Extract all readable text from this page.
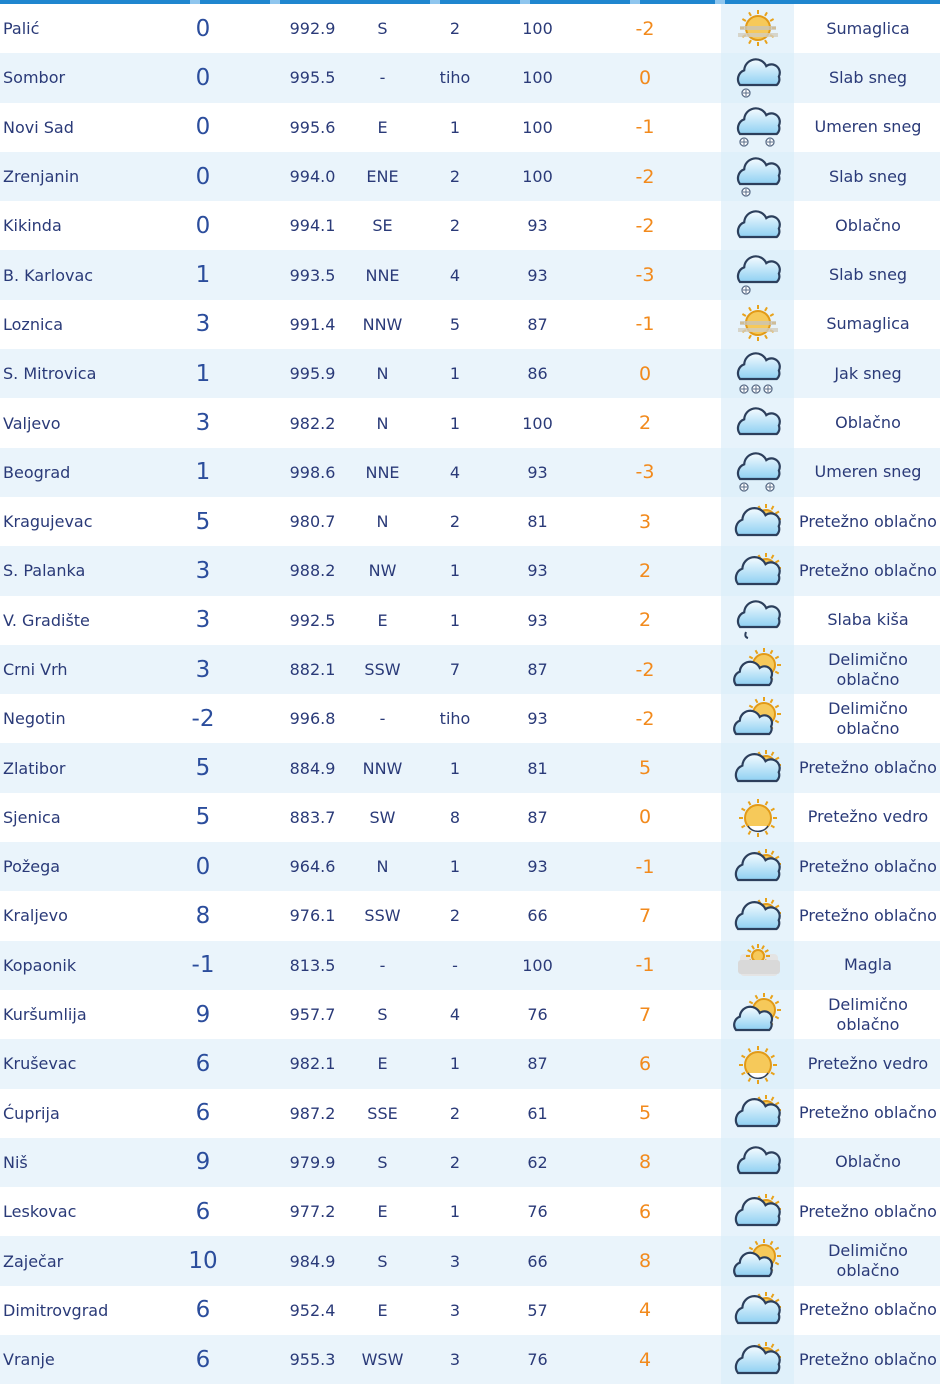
Palić	0	992.9	S	2	100	-2	Sumaglica
Sombor	0	995.5	-	tiho	100	0	Slab sneg
Novi Sad	0	995.6	E	1	100	-1	Umeren sneg
Zrenjanin	0	994.0	ENE	2	100	-2	Slab sneg
Kikinda	0	994.1	SE	2	93	-2	Oblačno
B. Karlovac	1	993.5	NNE	4	93	-3	Slab sneg
Loznica	3	991.4	NNW	5	87	-1	Sumaglica
S. Mitrovica	1	995.9	N	1	86	0	Jak sneg
Valjevo	3	982.2	N	1	100	2	Oblačno
Beograd	1	998.6	NNE	4	93	-3	Umeren sneg
Kragujevac	5	980.7	N	2	81	3	Pretežno oblačno
S. Palanka	3	988.2	NW	1	93	2	Pretežno oblačno
V. Gradište	3	992.5	E	1	93	2	Slaba kiša
Crni Vrh	3	882.1	SSW	7	87	-2	Delimično oblačno
Negotin	-2	996.8	-	tiho	93	-2	Delimično oblačno
Zlatibor	5	884.9	NNW	1	81	5	Pretežno oblačno
Sjenica	5	883.7	SW	8	87	0	Pretežno vedro
Požega	0	964.6	N	1	93	-1	Pretežno oblačno
Kraljevo	8	976.1	SSW	2	66	7	Pretežno oblačno
Kopaonik	-1	813.5	-	-	100	-1	Magla
Kuršumlija	9	957.7	S	4	76	7	Delimično oblačno
Kruševac	6	982.1	E	1	87	6	Pretežno vedro
Ćuprija	6	987.2	SSE	2	61	5	Pretežno oblačno
Niš	9	979.9	S	2	62	8	Oblačno
Leskovac	6	977.2	E	1	76	6	Pretežno oblačno
Zaječar	10	984.9	S	3	66	8	Delimično oblačno
Dimitrovgrad	6	952.4	E	3	57	4	Pretežno oblačno
Vranje	6	955.3	WSW	3	76	4	Pretežno oblačno
